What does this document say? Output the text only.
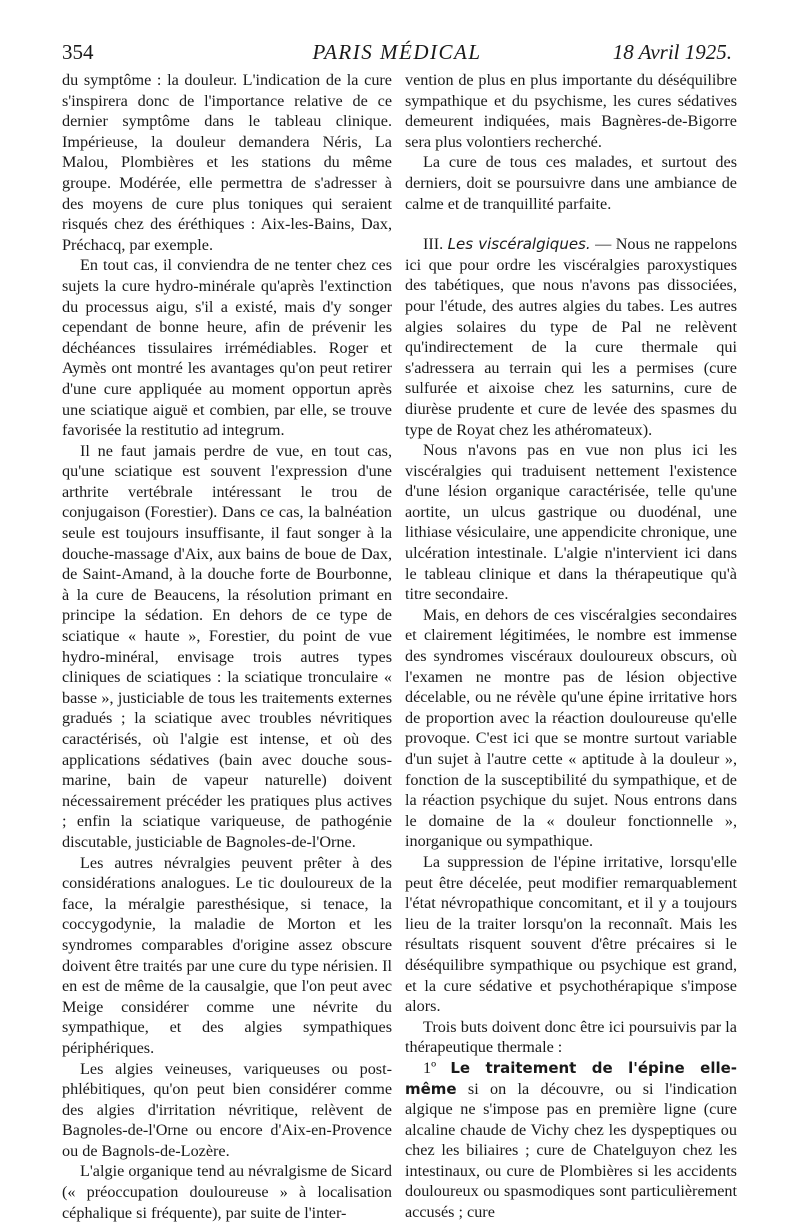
354	PARIS MÉDICAL	18 Avril 1925.

du symptôme : la douleur. L'indication de la cure s'inspirera donc de l'importance relative de ce dernier symptôme dans le tableau clinique. Impérieuse, la douleur demandera Néris, La Malou, Plombières et les stations du même groupe. Modérée, elle permettra de s'adresser à des moyens de cure plus toniques qui seraient risqués chez des éréthiques : Aix-les-Bains, Dax, Préchacq, par exemple.

En tout cas, il conviendra de ne tenter chez ces sujets la cure hydro-minérale qu'après l'extinction du processus aigu, s'il a existé, mais d'y songer cependant de bonne heure, afin de prévenir les déchéances tissulaires irrémédiables. Roger et Aymès ont montré les avantages qu'on peut retirer d'une cure appliquée au moment opportun après une sciatique aiguë et combien, par elle, se trouve favorisée la restitutio ad integrum.

Il ne faut jamais perdre de vue, en tout cas, qu'une sciatique est souvent l'expression d'une arthrite vertébrale intéressant le trou de conjugaison (Forestier). Dans ce cas, la balnéation seule est toujours insuffisante, il faut songer à la douche-massage d'Aix, aux bains de boue de Dax, de Saint-Amand, à la douche forte de Bourbonne, à la cure de Beaucens, la résolution primant en principe la sédation. En dehors de ce type de sciatique « haute », Forestier, du point de vue hydro-minéral, envisage trois autres types cliniques de sciatiques : la sciatique tronculaire « basse », justiciable de tous les traitements externes gradués ; la sciatique avec troubles névritiques caractérisés, où l'algie est intense, et où des applications sédatives (bain avec douche sous-marine, bain de vapeur naturelle) doivent nécessairement précéder les pratiques plus actives ; enfin la sciatique variqueuse, de pathogénie discutable, justiciable de Bagnoles-de-l'Orne.

Les autres névralgies peuvent prêter à des considérations analogues. Le tic douloureux de la face, la méralgie paresthésique, si tenace, la coccygodynie, la maladie de Morton et les syndromes comparables d'origine assez obscure doivent être traités par une cure du type nérisien. Il en est de même de la causalgie, que l'on peut avec Meige considérer comme une névrite du sympathique, et des algies sympathiques périphériques.

Les algies veineuses, variqueuses ou post-phlébitiques, qu'on peut bien considérer comme des algies d'irritation névritique, relèvent de Bagnoles-de-l'Orne ou encore d'Aix-en-Provence ou de Bagnols-de-Lozère.

L'algie organique tend au névralgisme de Sicard (« préoccupation douloureuse » à localisation céphalique si fréquente), par suite de l'inter-

vention de plus en plus importante du déséquilibre sympathique et du psychisme, les cures sédatives demeurent indiquées, mais Bagnères-de-Bigorre sera plus volontiers recherché.

La cure de tous ces malades, et surtout des derniers, doit se poursuivre dans une ambiance de calme et de tranquillité parfaite.

III. Les viscéralgiques. — Nous ne rappelons ici que pour ordre les viscéralgies paroxystiques des tabétiques, que nous n'avons pas dissociées, pour l'étude, des autres algies du tabes. Les autres algies solaires du type de Pal ne relèvent qu'indirectement de la cure thermale qui s'adressera au terrain qui les a permises (cure sulfurée et aixoise chez les saturnins, cure de diurèse prudente et cure de levée des spasmes du type de Royat chez les athéromateux).

Nous n'avons pas en vue non plus ici les viscéralgies qui traduisent nettement l'existence d'une lésion organique caractérisée, telle qu'une aortite, un ulcus gastrique ou duodénal, une lithiase vésiculaire, une appendicite chronique, une ulcération intestinale. L'algie n'intervient ici dans le tableau clinique et dans la thérapeutique qu'à titre secondaire.

Mais, en dehors de ces viscéralgies secondaires et clairement légitimées, le nombre est immense des syndromes viscéraux douloureux obscurs, où l'examen ne montre pas de lésion objective décelable, ou ne révèle qu'une épine irritative hors de proportion avec la réaction douloureuse qu'elle provoque. C'est ici que se montre surtout variable d'un sujet à l'autre cette « aptitude à la douleur », fonction de la susceptibilité du sympathique, et de la réaction psychique du sujet. Nous entrons dans le domaine de la « douleur fonctionnelle », inorganique ou sympathique.

La suppression de l'épine irritative, lorsqu'elle peut être décelée, peut modifier remarquablement l'état névropathique concomitant, et il y a toujours lieu de la traiter lorsqu'on la reconnaît. Mais les résultats risquent souvent d'être précaires si le déséquilibre sympathique ou psychique est grand, et la cure sédative et psychothérapique s'impose alors.

Trois buts doivent donc être ici poursuivis par la thérapeutique thermale :

1º Le traitement de l'épine elle-même si on la découvre, ou si l'indication algique ne s'impose pas en première ligne (cure alcaline chaude de Vichy chez les dyspeptiques ou chez les biliaires ; cure de Chatelguyon chez les intestinaux, ou cure de Plombières si les accidents douloureux ou spasmodiques sont particulièrement accusés ; cure
